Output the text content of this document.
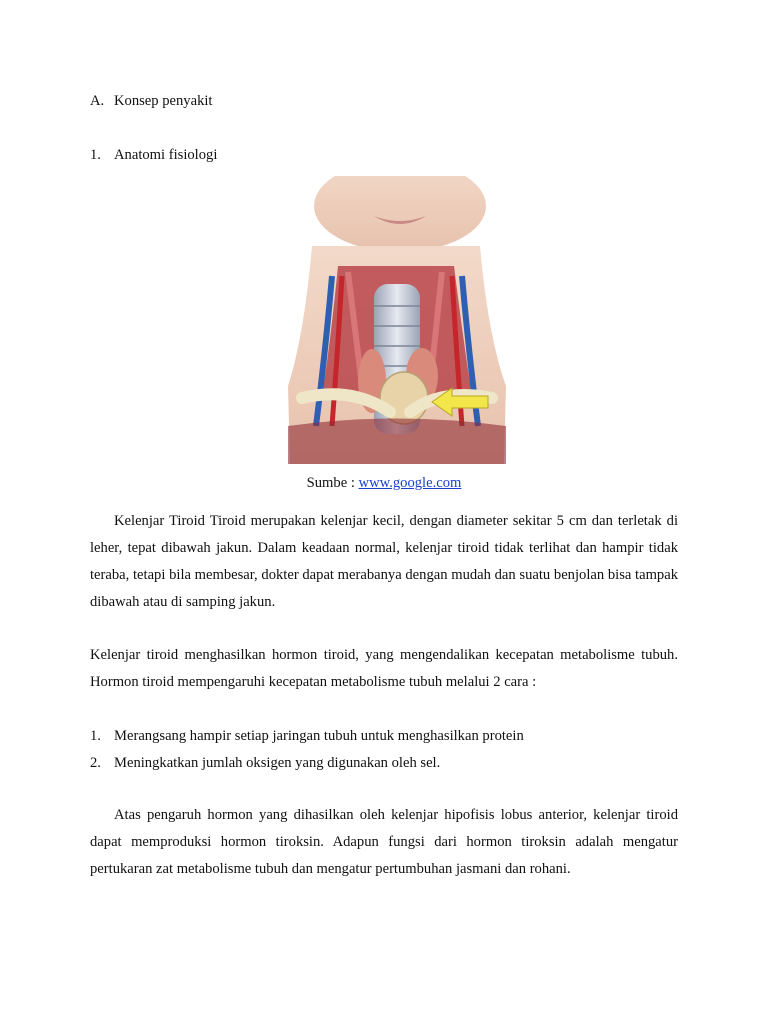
A. Konsep penyakit
1. Anatomi fisiologi
Sumbe : www.google.com
Kelenjar Tiroid Tiroid merupakan kelenjar kecil, dengan diameter sekitar 5 cm dan terletak di leher, tepat dibawah jakun. Dalam keadaan normal, kelenjar tiroid tidak terlihat dan hampir tidak teraba, tetapi bila membesar, dokter dapat merabanya dengan mudah dan suatu benjolan bisa tampak dibawah atau di samping jakun.
Kelenjar tiroid menghasilkan hormon tiroid, yang mengendalikan kecepatan metabolisme tubuh. Hormon tiroid mempengaruhi kecepatan metabolisme tubuh melalui 2 cara :
1. Merangsang hampir setiap jaringan tubuh untuk menghasilkan protein
2. Meningkatkan jumlah oksigen yang digunakan oleh sel.
Atas pengaruh hormon yang dihasilkan oleh kelenjar hipofisis lobus anterior, kelenjar tiroid dapat memproduksi hormon tiroksin. Adapun fungsi dari hormon tiroksin adalah mengatur pertukaran zat metabolisme tubuh dan mengatur pertumbuhan jasmani dan rohani.
